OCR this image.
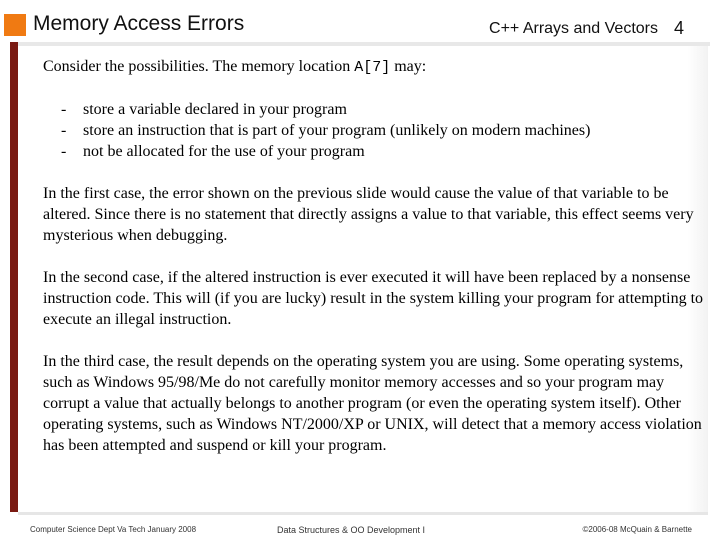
Memory Access Errors	C++ Arrays and Vectors 4

Consider the possibilities. The memory location A[7] may:

- store a variable declared in your program
- store an instruction that is part of your program (unlikely on modern machines)
- not be allocated for the use of your program

In the first case, the error shown on the previous slide would cause the value of that variable to be altered. Since there is no statement that directly assigns a value to that variable, this effect seems very mysterious when debugging.

In the second case, if the altered instruction is ever executed it will have been replaced by a nonsense instruction code. This will (if you are lucky) result in the system killing your program for attempting to execute an illegal instruction.

In the third case, the result depends on the operating system you are using. Some operating systems, such as Windows 95/98/Me do not carefully monitor memory accesses and so your program may corrupt a value that actually belongs to another program (or even the operating system itself). Other operating systems, such as Windows NT/2000/XP or UNIX, will detect that a memory access violation has been attempted and suspend or kill your program.

Computer Science Dept Va Tech January 2008	Data Structures & OO Development I	©2006-08 McQuain & Barnette
